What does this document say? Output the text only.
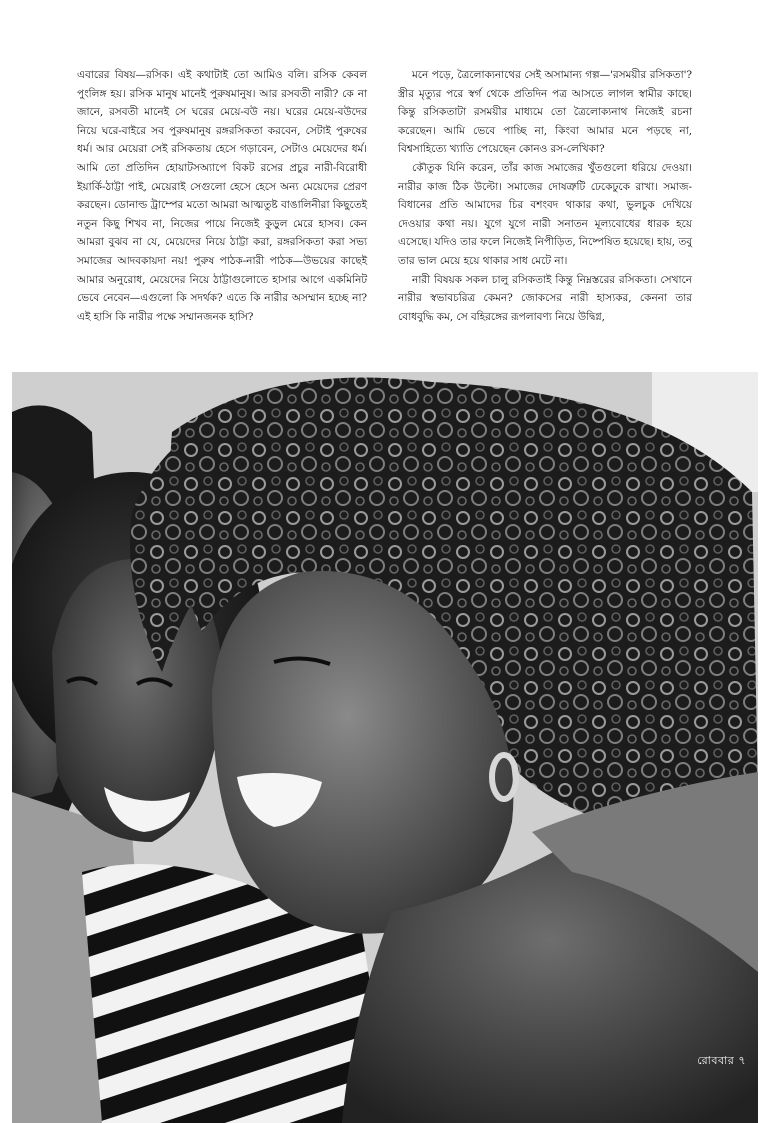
এবারের বিষয়—রসিক। এই কথাটাই তো আমিও বলি। রসিক কেবল পুংলিঙ্গ হয়। রসিক মানুষ মানেই পুরুষমানুষ। আর রসবতী নারী? কে না জানে, রসবতী মানেই সে ঘরের মেয়ে-বউ নয়। ঘরের মেয়ে-বউদের নিয়ে ঘরে-বাইরে সব পুরুষমানুষ রঙ্গরসিকতা করবেন, সেটাই পুরুষের ধর্ম। আর মেয়েরা সেই রসিকতায় হেসে গড়াবেন, সেটাও মেয়েদের ধর্ম। আমি তো প্রতিদিন হোয়াটসঅ্যাপে বিকট রসের প্রচুর নারী-বিরোধী ইয়ার্কি-ঠাট্টা পাই, মেয়েরাই সেগুলো হেসে হেসে অন্য মেয়েদের প্রেরণ করছেন। ডোনাল্ড ট্রাম্পের মতো আমরা আত্মতুষ্ট বাঙালিনীরা কিছুতেই নতুন কিছু শিখব না, নিজের পায়ে নিজেই কুড়ুল মেরে হাসব। কেন আমরা বুঝব না যে, মেয়েদের নিয়ে ঠাট্টা করা, রঙ্গরসিকতা করা সভ্য সমাজের আদবকায়দা নয়! পুরুষ পাঠক-নারী পাঠক—উভয়ের কাছেই আমার অনুরোধ, মেয়েদের নিয়ে ঠাট্টাগুলোতে হাসার আগে একমিনিট ভেবে নেবেন—এগুলো কি সদর্থক? এতে কি নারীর অসম্মান হচ্ছে না? এই হাসি কি নারীর পক্ষে সম্মানজনক হাসি?

মনে পড়ে, ত্রৈলোক্যনাথের সেই অসামান্য গল্প—'রসময়ীর রসিকতা'? স্ত্রীর মৃত্যুর পরে স্বর্গ থেকে প্রতিদিন পত্র আসতে লাগল স্বামীর কাছে। কিন্তু রসিকতাটা রসময়ীর মাধ্যমে তো ত্রৈলোক্যনাথ নিজেই রচনা করেছেন। আমি ভেবে পাচ্ছি না, কিংবা আমার মনে পড়ছে না, বিশ্বসাহিত্যে খ্যাতি পেয়েছেন কোনও রস-লেখিকা?

কৌতুক যিনি করেন, তাঁর কাজ সমাজের খুঁতগুলো ধরিয়ে দেওয়া। নারীর কাজ ঠিক উল্টো। সমাজের দোষত্রুটি ঢেকেঢুকে রাখা। সমাজ-বিধানের প্রতি আমাদের চির বশংবদ থাকার কথা, ভুলচুক দেখিয়ে দেওয়ার কথা নয়। যুগে যুগে নারী সনাতন মূল্যবোধের ধারক হয়ে এসেছে। যদিও তার ফলে নিজেই নিপীড়িত, নিষ্পেষিত হয়েছে। হায়, তবু তার ভাল মেয়ে হয়ে থাকার সাধ মেটে না।

নারী বিষয়ক সকল চালু রসিকতাই কিন্তু নিম্নস্তরের রসিকতা। সেখানে নারীর স্বভাবচরিত্র কেমন? জোকসের নারী হাস্যকর, কেননা তার বোধবুদ্ধি কম, সে বহিরঙ্গের রূপলাবণ্য নিয়ে উদ্বিগ্ন,

রোববার ৭
